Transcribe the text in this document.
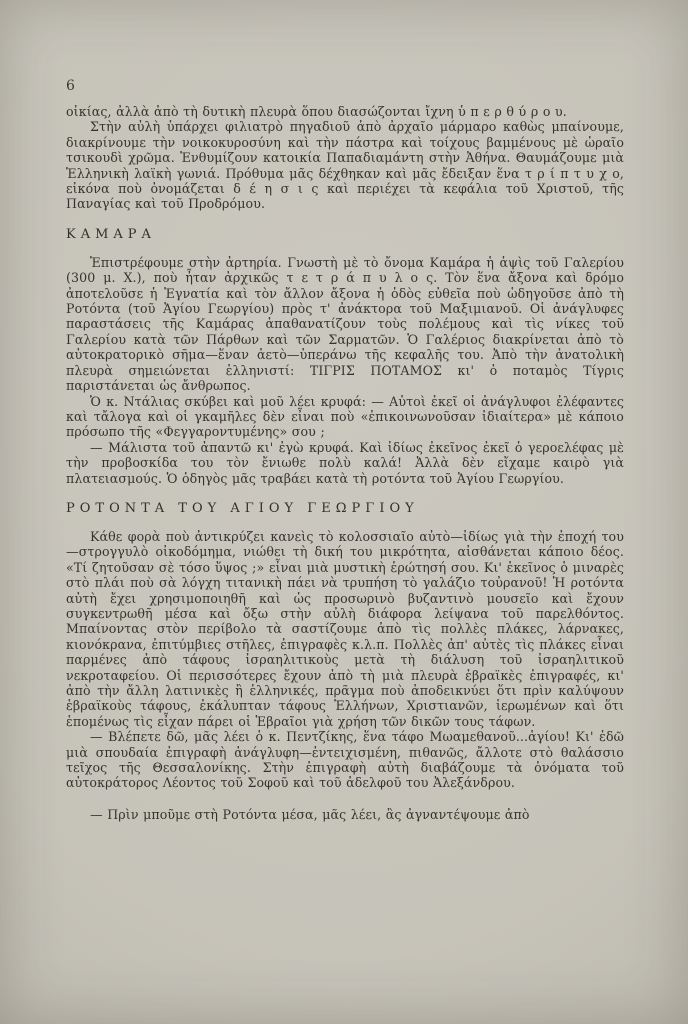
6

οἰκίας, ἀλλὰ ἀπὸ τὴ δυτικὴ πλευρὰ ὅπου διασώζονται ἴχνη ὑ π ε ρ θ ύ ρ ο υ.

Στὴν αὐλὴ ὑπάρχει φιλιατρὸ πηγαδιοῦ ἀπὸ ἀρχαῖο μάρμαρο καθὼς μπαίνουμε, διακρίνουμε τὴν νοικοκυροσύνη καὶ τὴν πάστρα καὶ τοίχους βαμμένους μὲ ὡραῖο τσικουδὶ χρῶμα. Ἐνθυμίζουν κατοικία Παπαδιαμάντη στὴν Ἀθήνα. Θαυμάζουμε μιὰ Ἑλληνικὴ λαϊκὴ γωνιά. Πρόθυμα μᾶς δέχθηκαν καὶ μᾶς ἔδειξαν ἕνα τ ρ ί π τ υ χ ο, εἰκόνα ποὺ ὀνομάζεται δ έ η σ ι ς καὶ περιέχει τὰ κεφάλια τοῦ Χριστοῦ, τῆς Παναγίας καὶ τοῦ Προδρόμου.

ΚΑΜΑΡΑ

Ἐπιστρέφουμε στὴν ἀρτηρία. Γνωστὴ μὲ τὸ ὄνομα Καμάρα ἡ ἁψὶς τοῦ Γαλερίου (300 μ. Χ.), ποὺ ἦταν ἀρχικῶς τ ε τ ρ ά π υ λ ο ς. Τὸν ἕνα ἄξονα καὶ δρόμο ἀποτελοῦσε ἡ Ἐγνατία καὶ τὸν ἄλλον ἄξονα ἡ ὁδὸς εὐθεῖα ποὺ ὡδηγοῦσε ἀπὸ τὴ Ροτόντα (τοῦ Ἁγίου Γεωργίου) πρὸς τ' ἀνάκτορα τοῦ Μαξιμιανοῦ. Οἱ ἀνάγλυφες παραστάσεις τῆς Καμάρας ἀπαθανατίζουν τοὺς πολέμους καὶ τὶς νίκες τοῦ Γαλερίου κατὰ τῶν Πάρθων καὶ τῶν Σαρματῶν. Ὁ Γαλέριος διακρίνεται ἀπὸ τὸ αὐτοκρατορικὸ σῆμα—ἕναν ἀετὸ—ὑπεράνω τῆς κεφαλῆς του. Ἀπὸ τὴν ἀνατολικὴ πλευρὰ σημειώνεται ἑλληνιστί: ΤΙΓΡΙΣ ΠΟΤΑΜΟΣ κι' ὁ ποταμὸς Τίγρις παριστάνεται ὡς ἄνθρωπος.

Ὁ κ. Ντάλιας σκύβει καὶ μοῦ λέει κρυφά: — Αὐτοὶ ἐκεῖ οἱ ἀνάγλυφοι ἐλέφαντες καὶ τἄλογα καὶ οἱ γκαμῆλες δὲν εἶναι ποὺ «ἐπικοινωνοῦσαν ἰδιαίτερα» μὲ κάποιο πρόσωπο τῆς «Φεγγαροντυμένης» σου ;

— Μάλιστα τοῦ ἀπαντῶ κι' ἐγὼ κρυφά. Καὶ ἰδίως ἐκεῖνος ἐκεῖ ὁ γεροελέφας μὲ τὴν προβοσκίδα του τὸν ἔνιωθε πολὺ καλά! Ἀλλὰ δὲν εἴχαμε καιρὸ γιὰ πλατειασμούς. Ὁ ὁδηγὸς μᾶς τραβάει κατὰ τὴ ροτόντα τοῦ Ἁγίου Γεωργίου.

ΡΟΤΟΝΤΑ ΤΟΥ ΑΓΙΟΥ ΓΕΩΡΓΙΟΥ

Κάθε φορὰ ποὺ ἀντικρύζει κανεὶς τὸ κολοσσιαῖο αὐτὸ—ἰδίως γιὰ τὴν ἐποχή του—στρογγυλὸ οἰκοδόμημα, νιώθει τὴ δική του μικρότητα, αἰσθάνεται κάποιο δέος. «Τί ζητοῦσαν σὲ τόσο ὕψος ;» εἶναι μιὰ μυστικὴ ἐρώτησή σου. Κι' ἐκεῖνος ὁ μιναρὲς στὸ πλάι ποὺ σὰ λόγχη τιτανικὴ πάει νὰ τρυπήση τὸ γαλάζιο τοὐρανοῦ! Ἡ ροτόντα αὐτὴ ἔχει χρησιμοποιηθῆ καὶ ὡς προσωρινὸ βυζαντινὸ μουσεῖο καὶ ἔχουν συγκεντρωθῆ μέσα καὶ ὄξω στὴν αὐλὴ διάφορα λείψανα τοῦ παρελθόντος. Μπαίνοντας στὸν περίβολο τὰ σαστίζουμε ἀπὸ τὶς πολλὲς πλάκες, λάρνακες, κιονόκρανα, ἐπιτύμβιες στῆλες, ἐπιγραφὲς κ.λ.π. Πολλὲς ἀπ' αὐτὲς τὶς πλάκες εἶναι παρμένες ἀπὸ τάφους ἰσραηλιτικοὺς μετὰ τὴ διάλυση τοῦ ἰσραηλιτικοῦ νεκροταφείου. Οἱ περισσότερες ἔχουν ἀπὸ τὴ μιὰ πλευρὰ ἑβραϊκὲς ἐπιγραφές, κι' ἀπὸ τὴν ἄλλη λατινικὲς ἢ ἑλληνικές, πρᾶγμα ποὺ ἀποδεικνύει ὅτι πρὶν καλύψουν ἑβραϊκοὺς τάφους, ἐκάλυπταν τάφους Ἑλλήνων, Χριστιανῶν, ἱερωμένων καὶ ὅτι ἑπομένως τὶς εἶχαν πάρει οἱ Ἑβραῖοι γιὰ χρήση τῶν δικῶν τους τάφων.

— Βλέπετε δῶ, μᾶς λέει ὁ κ. Πεντζίκης, ἕνα τάφο Μωαμεθανοῦ...ἁγίου! Κι' ἐδῶ μιὰ σπουδαία ἐπιγραφὴ ἀνάγλυφη—ἐντειχισμένη, πιθανῶς, ἄλλοτε στὸ θαλάσσιο τεῖχος τῆς Θεσσαλονίκης. Στὴν ἐπιγραφὴ αὐτὴ διαβάζουμε τὰ ὀνόματα τοῦ αὐτοκράτορος Λέοντος τοῦ Σοφοῦ καὶ τοῦ ἀδελφοῦ του Ἀλεξάνδρου.

— Πρὶν μποῦμε στὴ Ροτόντα μέσα, μᾶς λέει, ἂς ἀγναντέψουμε ἀπὸ
